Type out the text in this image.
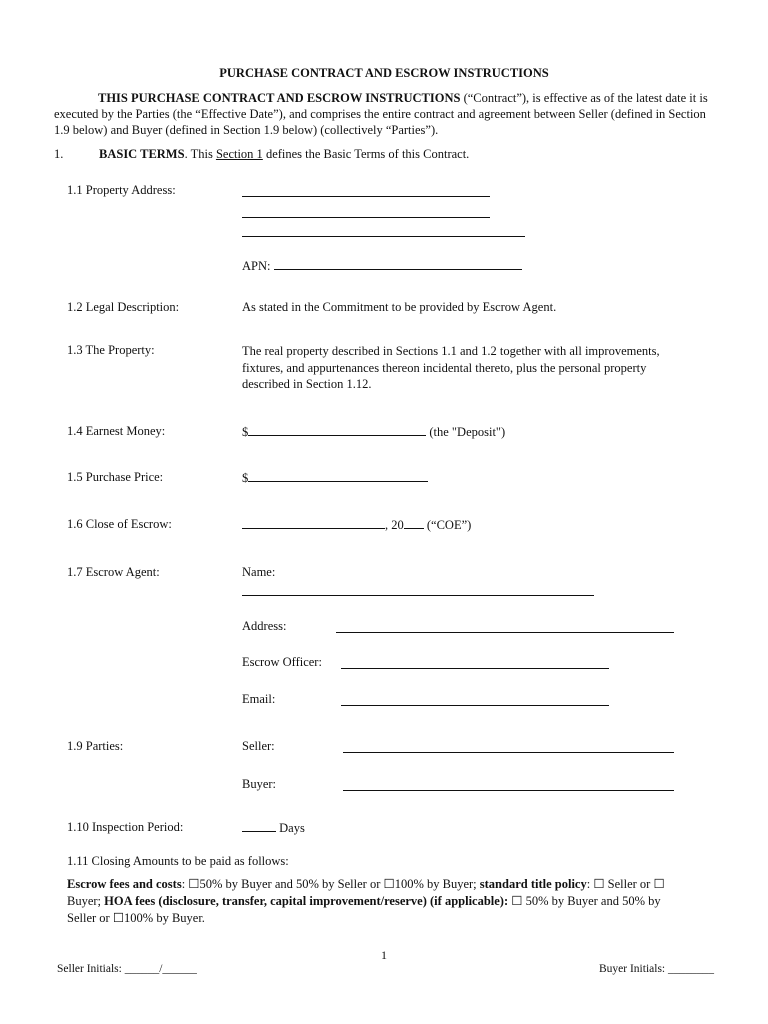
PURCHASE CONTRACT AND ESCROW INSTRUCTIONS
THIS PURCHASE CONTRACT AND ESCROW INSTRUCTIONS (“Contract”), is effective as of the latest date it is executed by the Parties (the “Effective Date”), and comprises the entire contract and agreement between Seller (defined in Section 1.9 below) and Buyer (defined in Section 1.9 below) (collectively “Parties”).
1.	BASIC TERMS. This Section 1 defines the Basic Terms of this Contract.
1.1 Property Address:
APN:
1.2 Legal Description:	As stated in the Commitment to be provided by Escrow Agent.
1.3 The Property:	The real property described in Sections 1.1 and 1.2 together with all improvements, fixtures, and appurtenances thereon incidental thereto, plus the personal property described in Section 1.12.
1.4 Earnest Money:	$	(the "Deposit")
1.5 Purchase Price:	$
1.6 Close of Escrow:	, 20 (“COE”)
1.7 Escrow Agent:	Name:
Address:
Escrow Officer:
Email:
1.9 Parties:	Seller:
Buyer:
1.10 Inspection Period:	Days
1.11 Closing Amounts to be paid as follows:
Escrow fees and costs: ☐50% by Buyer and 50% by Seller or ☐100% by Buyer; standard title policy: ☐ Seller or ☐ Buyer; HOA fees (disclosure, transfer, capital improvement/reserve) (if applicable): ☐ 50% by Buyer and 50% by Seller or ☐100% by Buyer.
1
Seller Initials: ______/______	Buyer Initials: ________
